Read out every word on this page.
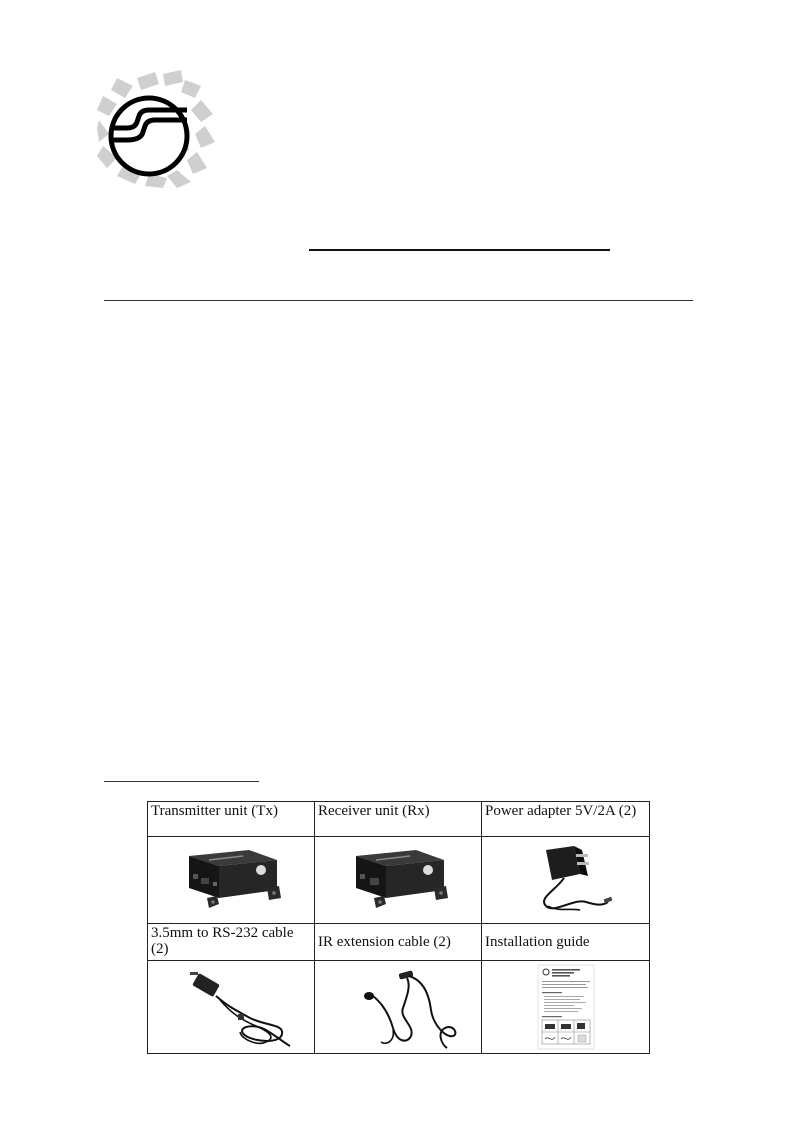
Transmitter unit (Tx)	Receiver unit (Rx)	Power adapter 5V/2A (2)

3.5mm to RS-232 cable (2)	IR extension cable (2)	Installation guide
